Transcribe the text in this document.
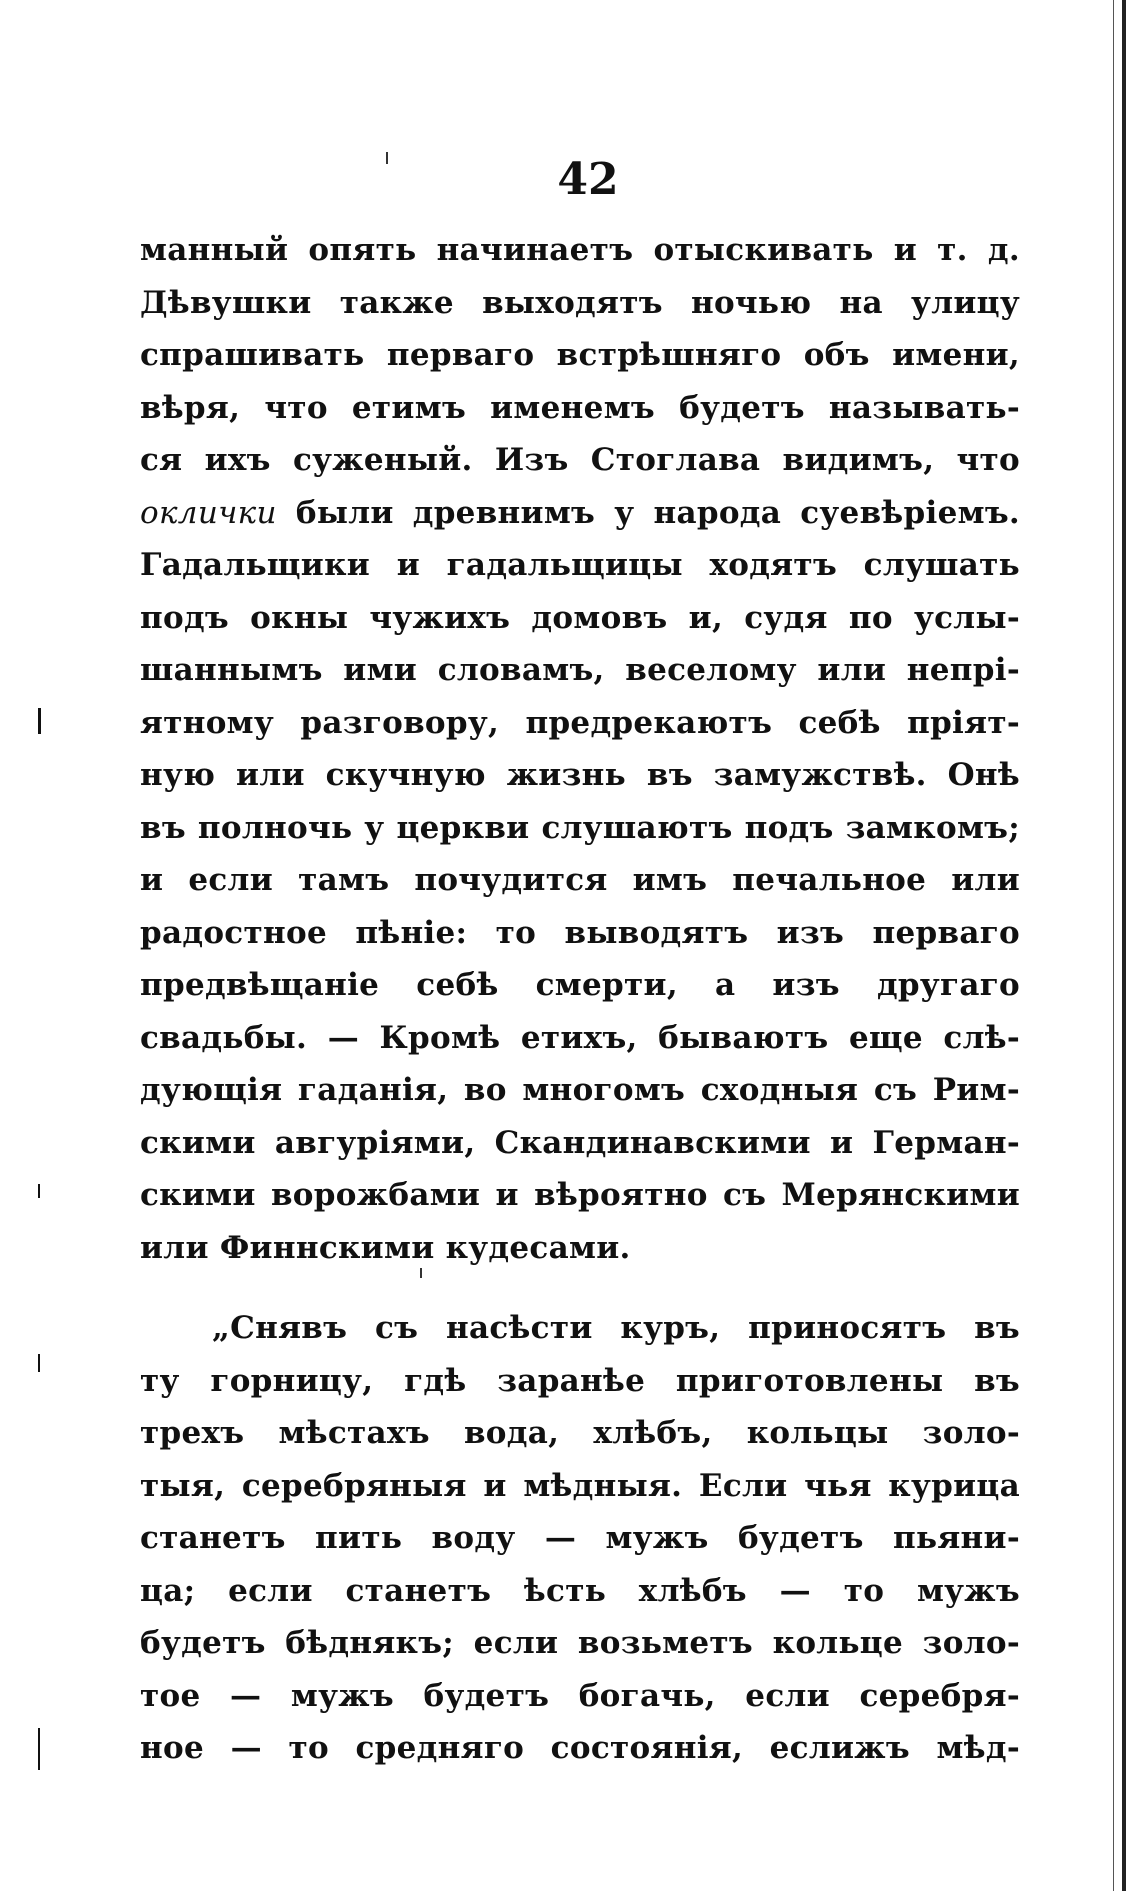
42
манный опять начинаетъ отыскивать и т. д.
Дѣвушки также выходятъ ночью на улицу
спрашивать перваго встрѣшняго объ имени,
вѣря, что етимъ именемъ будетъ называть-
ся ихъ суженый. Изъ Стоглава видимъ, что
оклички были древнимъ у народа суевѣріемъ.
Гадальщики и гадальщицы ходятъ слушать
подъ окны чужихъ домовъ и, судя по услы-
шаннымъ ими словамъ, веселому или непрі-
ятному разговору, предрекаютъ себѣ пріят-
ную или скучную жизнь въ замужствѣ. Онѣ
въ полночь у церкви слушаютъ подъ замкомъ;
и если тамъ почудится имъ печальное или
радостное пѣніе: то выводятъ изъ перваго
предвѣщаніе себѣ смерти, а изъ другаго
свадьбы. — Кромѣ етихъ, бываютъ еще слѣ-
дующія гаданія, во многомъ сходныя съ Рим-
скими авгуріями, Скандинавскими и Герман-
скими ворожбами и вѣроятно съ Мерянскими
или Финнскими кудесами.
„Снявъ съ насѣсти куръ, приносятъ въ
ту горницу, гдѣ заранѣе приготовлены въ
трехъ мѣстахъ вода, хлѣбъ, кольцы золо-
тыя, серебряныя и мѣдныя. Если чья курица
станетъ пить воду — мужъ будетъ пьяни-
ца; если станетъ ѣсть хлѣбъ — то мужъ
будетъ бѣднякъ; если возьметъ кольце золо-
тое — мужъ будетъ богачь, если серебря-
ное — то средняго состоянія, еслижъ мѣд-
